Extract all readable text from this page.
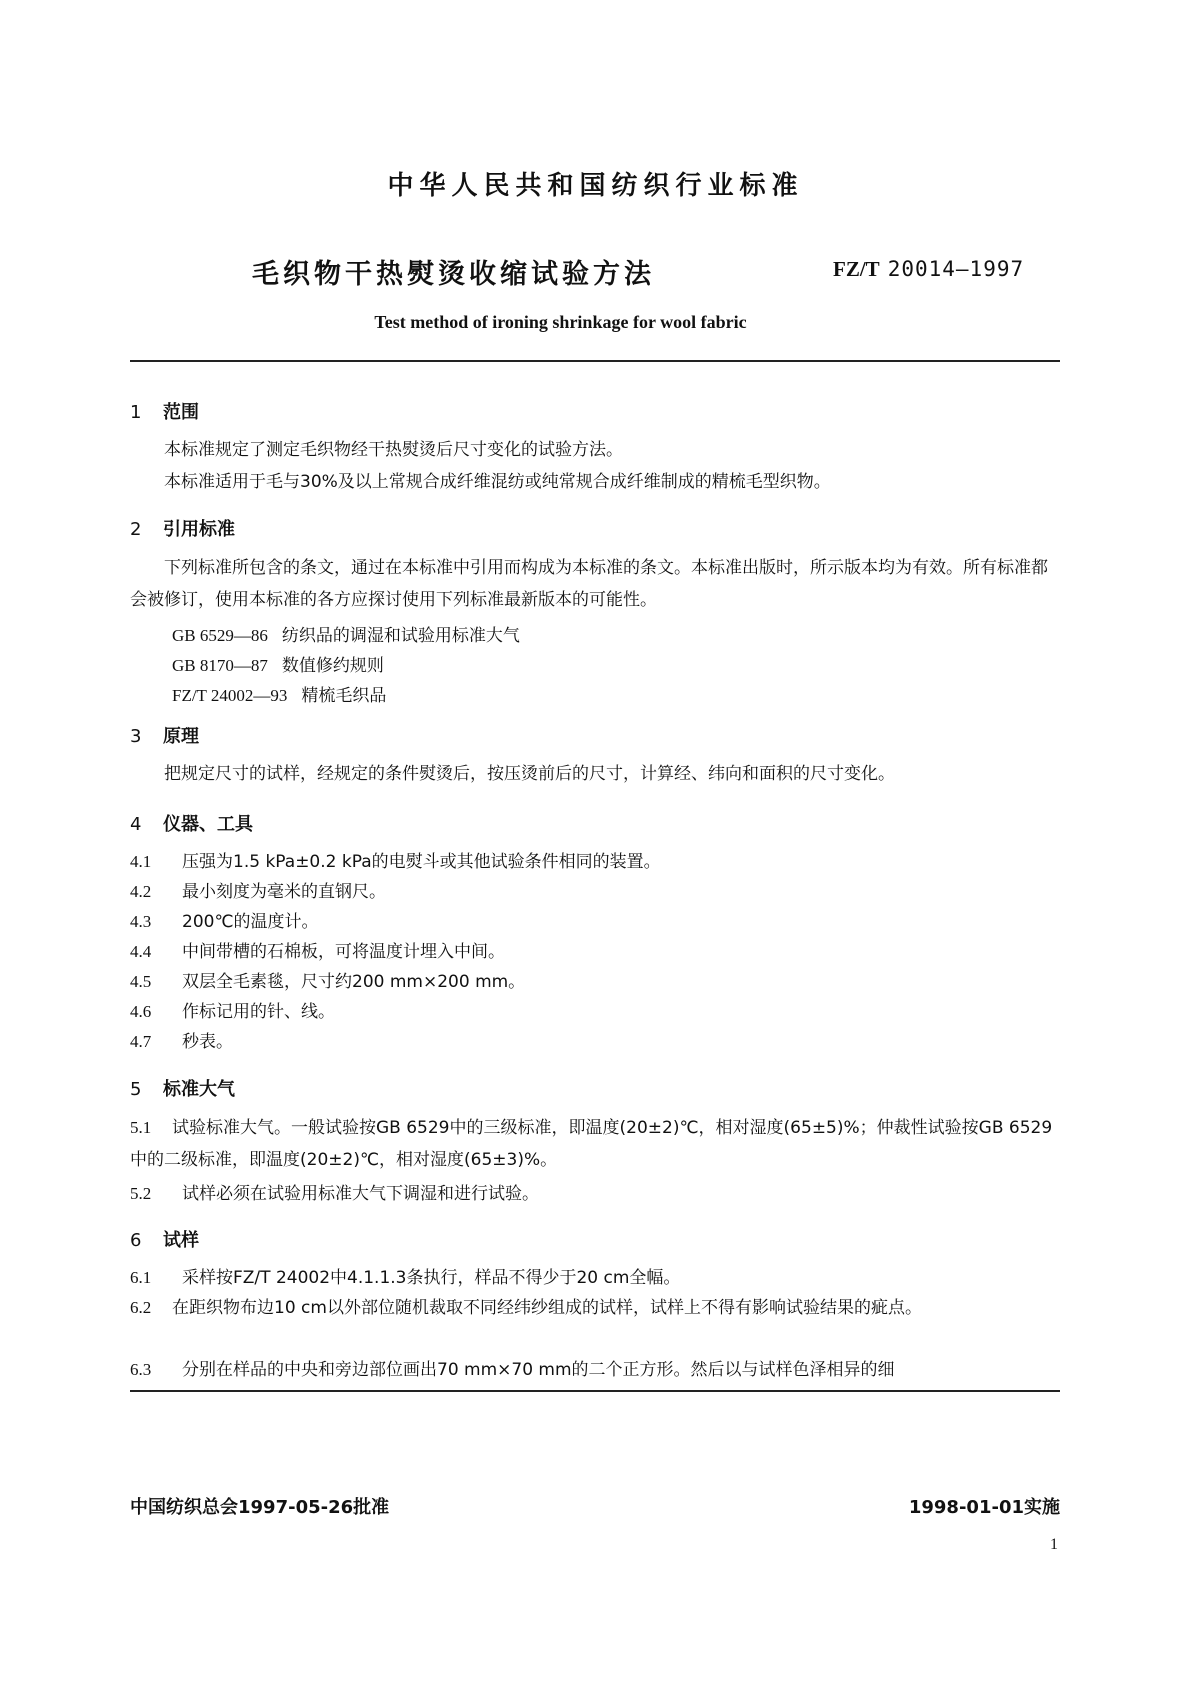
中华人民共和国纺织行业标准
毛织物干热熨烫收缩试验方法	FZ/T 20014—1997
Test method of ironing shrinkage for wool fabric
1 范围
本标准规定了测定毛织物经干热熨烫后尺寸变化的试验方法。
本标准适用于毛与30%及以上常规合成纤维混纺或纯常规合成纤维制成的精梳毛型织物。
2 引用标准
下列标准所包含的条文，通过在本标准中引用而构成为本标准的条文。本标准出版时，所示版本均为有效。所有标准都会被修订，使用本标准的各方应探讨使用下列标准最新版本的可能性。
GB 6529—86 纺织品的调湿和试验用标准大气
GB 8170—87 数值修约规则
FZ/T 24002—93 精梳毛织品
3 原理
把规定尺寸的试样，经规定的条件熨烫后，按压烫前后的尺寸，计算经、纬向和面积的尺寸变化。
4 仪器、工具
4.1 压强为1.5 kPa±0.2 kPa的电熨斗或其他试验条件相同的装置。
4.2 最小刻度为毫米的直钢尺。
4.3 200℃的温度计。
4.4 中间带槽的石棉板，可将温度计埋入中间。
4.5 双层全毛素毯，尺寸约200 mm×200 mm。
4.6 作标记用的针、线。
4.7 秒表。
5 标准大气
5.1 试验标准大气。一般试验按GB 6529中的三级标准，即温度(20±2)℃，相对湿度(65±5)%；仲裁性试验按GB 6529中的二级标准，即温度(20±2)℃，相对湿度(65±3)%。
5.2 试样必须在试验用标准大气下调湿和进行试验。
6 试样
6.1 采样按FZ/T 24002中4.1.1.3条执行，样品不得少于20 cm全幅。
6.2 在距织物布边10 cm以外部位随机裁取不同经纬纱组成的试样，试样上不得有影响试验结果的疵点。
6.3 分别在样品的中央和旁边部位画出70 mm×70 mm的二个正方形。然后以与试样色泽相异的细
中国纺织总会1997-05-26批准	1998-01-01实施
1
